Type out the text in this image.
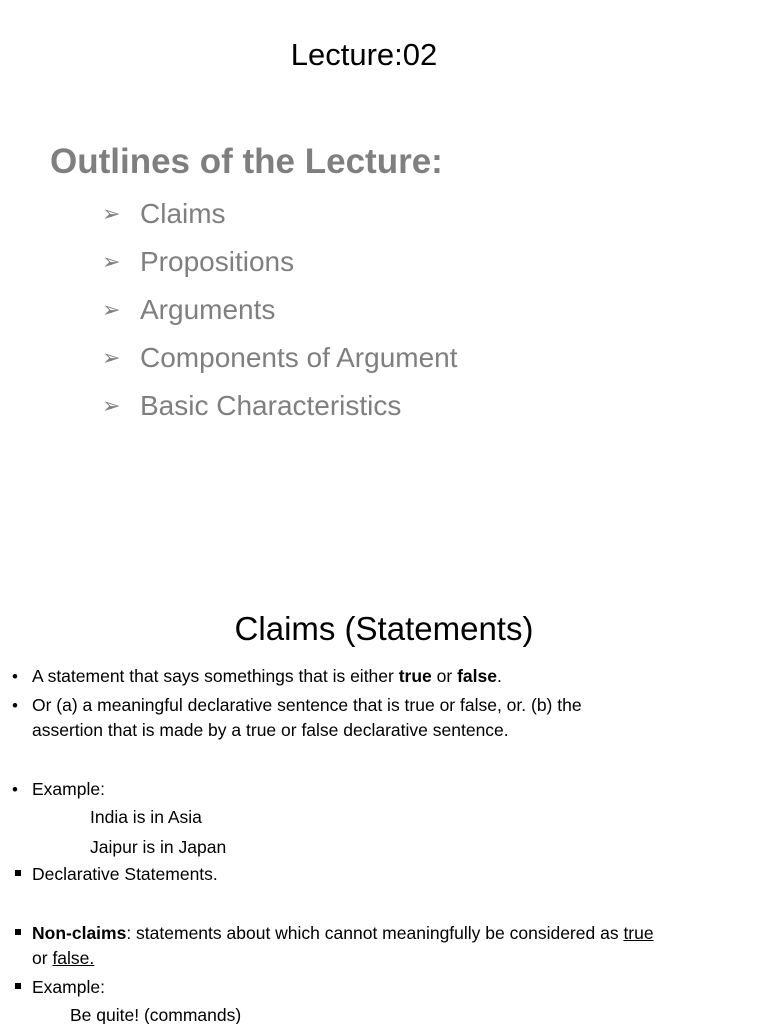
Lecture:02
Outlines of the Lecture:
➢ Claims
➢ Propositions
➢ Arguments
➢ Components of Argument
➢ Basic Characteristics
Claims (Statements)
• A statement that says somethings that is either true or false.
• Or (a) a meaningful declarative sentence that is true or false, or. (b) the
assertion that is made by a true or false declarative sentence.
• Example:
India is in Asia
Jaipur is in Japan
Declarative Statements.
Non-claims: statements about which cannot meaningfully be considered as true
or false.
Example:
Be quite! (commands)
